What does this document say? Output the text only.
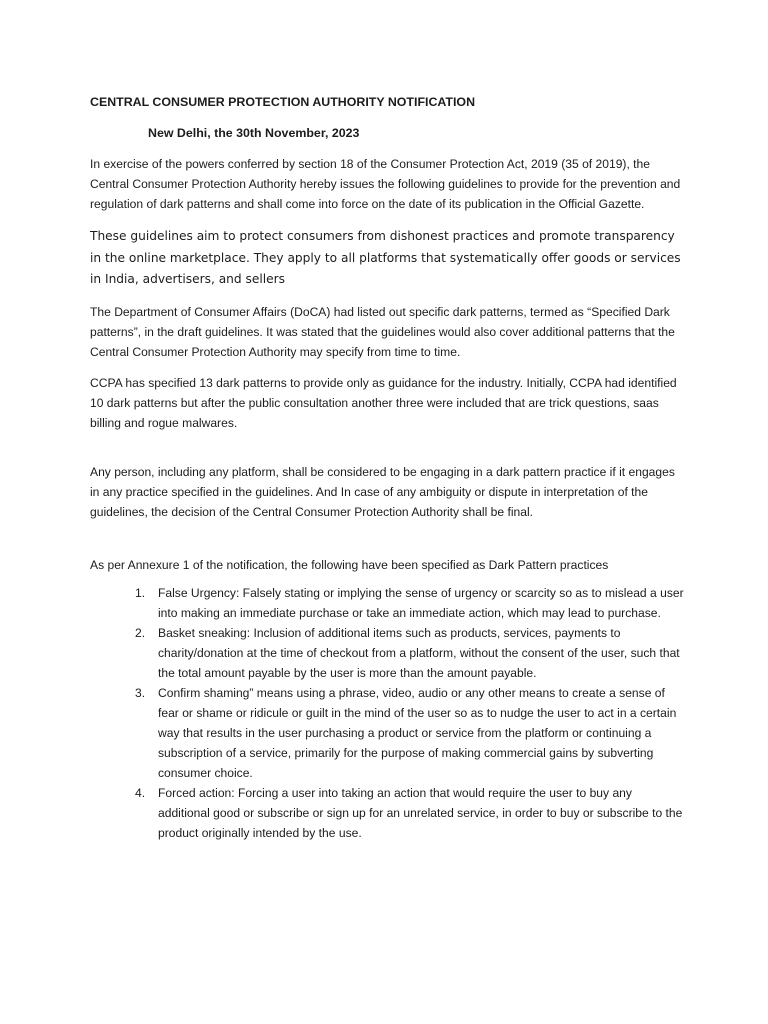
CENTRAL CONSUMER PROTECTION AUTHORITY NOTIFICATION
New Delhi, the 30th November, 2023

In exercise of the powers conferred by section 18 of the Consumer Protection Act, 2019 (35 of 2019), the Central Consumer Protection Authority hereby issues the following guidelines to provide for the prevention and regulation of dark patterns and shall come into force on the date of its publication in the Official Gazette.

These guidelines aim to protect consumers from dishonest practices and promote transparency in the online marketplace. They apply to all platforms that systematically offer goods or services in India, advertisers, and sellers

The Department of Consumer Affairs (DoCA) had listed out specific dark patterns, termed as “Specified Dark patterns”, in the draft guidelines. It was stated that the guidelines would also cover additional patterns that the Central Consumer Protection Authority may specify from time to time.

CCPA has specified 13 dark patterns to provide only as guidance for the industry. Initially, CCPA had identified 10 dark patterns but after the public consultation another three were included that are trick questions, saas billing and rogue malwares.

Any person, including any platform, shall be considered to be engaging in a dark pattern practice if it engages in any practice specified in the guidelines. And In case of any ambiguity or dispute in interpretation of the guidelines, the decision of the Central Consumer Protection Authority shall be final.

As per Annexure 1 of the notification, the following have been specified as Dark Pattern practices

1. False Urgency: Falsely stating or implying the sense of urgency or scarcity so as to mislead a user into making an immediate purchase or take an immediate action, which may lead to purchase.
2. Basket sneaking: Inclusion of additional items such as products, services, payments to charity/donation at the time of checkout from a platform, without the consent of the user, such that the total amount payable by the user is more than the amount payable.
3. Confirm shaming” means using a phrase, video, audio or any other means to create a sense of fear or shame or ridicule or guilt in the mind of the user so as to nudge the user to act in a certain way that results in the user purchasing a product or service from the platform or continuing a subscription of a service, primarily for the purpose of making commercial gains by subverting consumer choice.
4. Forced action: Forcing a user into taking an action that would require the user to buy any additional good or subscribe or sign up for an unrelated service, in order to buy or subscribe to the product originally intended by the use.
